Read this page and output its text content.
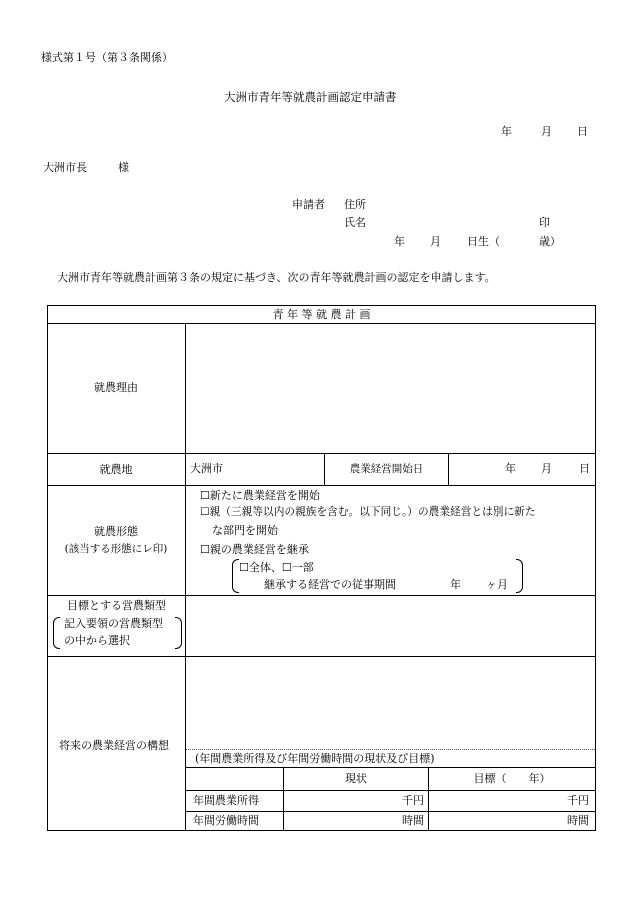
様式第１号（第３条関係）
大洲市青年等就農計画認定申請書
年	月 日
大洲市長	様
申請者 住所
氏名	印
年 月 日生（	歳）
大洲市青年等就農計画第３条の規定に基づき、次の青年等就農計画の認定を申請します。
青 年 等 就 農 計 画
就農理由
就農地	大洲市	農業経営開始日	年 月 日
就農形態
(該当する形態にレ印)
☐新たに農業経営を開始
☐親（三親等以内の親族を含む。以下同じ。）の農業経営とは別に新た
な部門を開始
☐親の農業経営を継承
☐全体、☐一部
継承する経営での従事期間	年 ヶ月
目標とする営農類型
記入要領の営農類型
の中から選択
将来の農業経営の構想
(年間農業所得及び年間労働時間の現状及び目標)
現状	目標（　　年）
年間農業所得	千円	千円
年間労働時間	時間	時間
